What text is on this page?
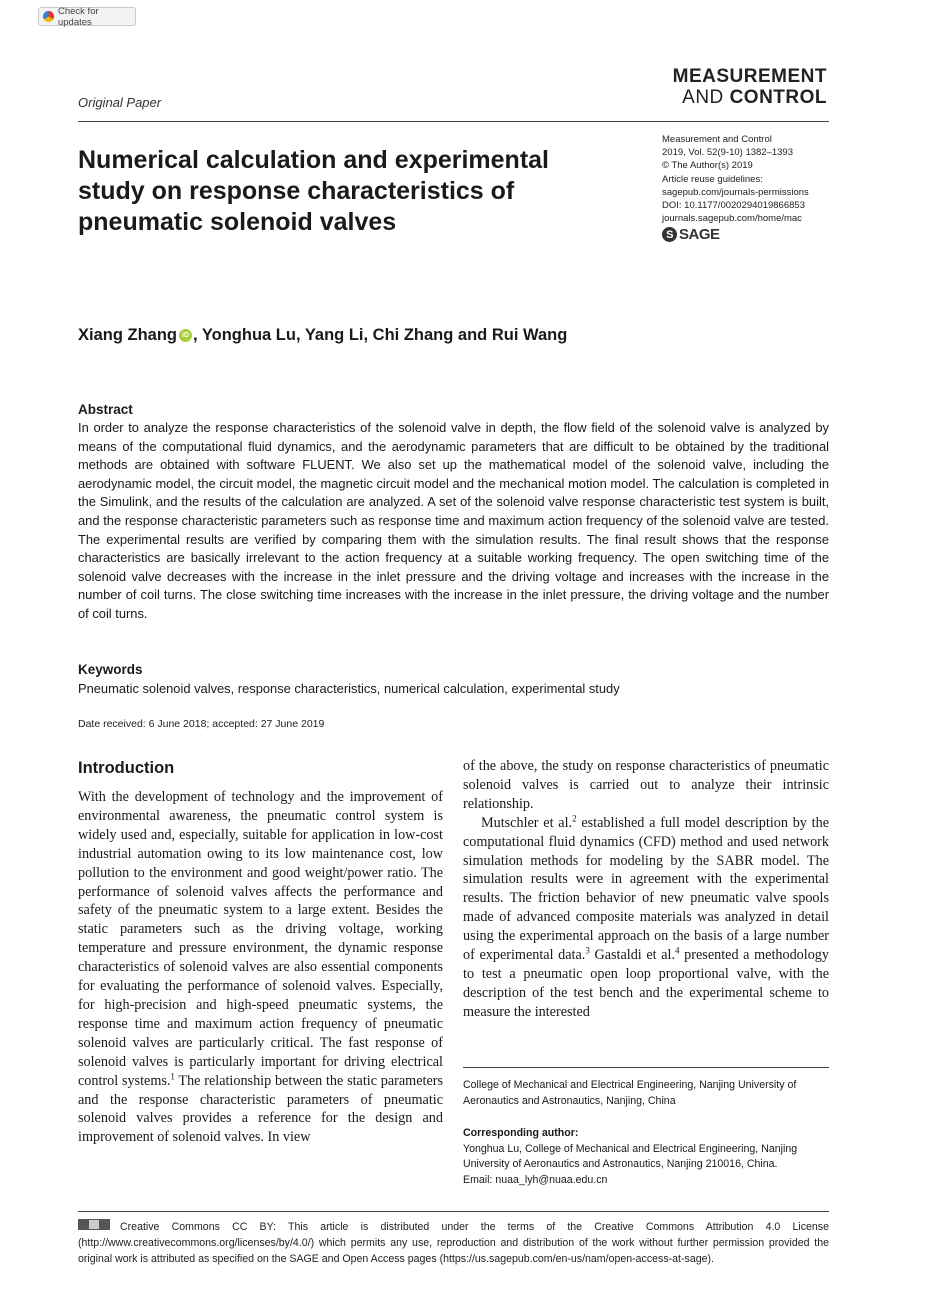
Check for updates
Original Paper
MEASUREMENT
AND CONTROL
Numerical calculation and experimental study on response characteristics of pneumatic solenoid valves
Measurement and Control
2019, Vol. 52(9-10) 1382–1393
© The Author(s) 2019
Article reuse guidelines:
sagepub.com/journals-permissions
DOI: 10.1177/0020294019866853
journals.sagepub.com/home/mac
S SAGE
Xiang Zhang iD , Yonghua Lu, Yang Li, Chi Zhang and Rui Wang
Abstract
In order to analyze the response characteristics of the solenoid valve in depth, the flow field of the solenoid valve is analyzed by means of the computational fluid dynamics, and the aerodynamic parameters that are difficult to be obtained by the traditional methods are obtained with software FLUENT. We also set up the mathematical model of the solenoid valve, including the aerodynamic model, the circuit model, the magnetic circuit model and the mechanical motion model. The calculation is completed in the Simulink, and the results of the calculation are analyzed. A set of the solenoid valve response characteristic test system is built, and the response characteristic parameters such as response time and maximum action frequency of the solenoid valve are tested. The experimental results are verified by comparing them with the simulation results. The final result shows that the response characteristics are basically irrelevant to the action frequency at a suitable working frequency. The open switching time of the solenoid valve decreases with the increase in the inlet pressure and the driving voltage and increases with the increase in the number of coil turns. The close switching time increases with the increase in the inlet pressure, the driving voltage and the number of coil turns.
Keywords
Pneumatic solenoid valves, response characteristics, numerical calculation, experimental study
Date received: 6 June 2018; accepted: 27 June 2019
Introduction

With the development of technology and the improvement of environmental awareness, the pneumatic control system is widely used and, especially, suitable for application in low-cost industrial automation owing to its low maintenance cost, low pollution to the environment and good weight/power ratio. The performance of solenoid valves affects the performance and safety of the pneumatic system to a large extent. Besides the static parameters such as the driving voltage, working temperature and pressure environment, the dynamic response characteristics of solenoid valves are also essential components for evaluating the performance of solenoid valves. Especially, for high-precision and high-speed pneumatic systems, the response time and maximum action frequency of pneumatic solenoid valves are particularly critical. The fast response of solenoid valves is particularly important for driving electrical control systems.$^1$ The relationship between the static parameters and the response characteristic parameters of pneumatic solenoid valves provides a reference for the design and improvement of solenoid valves. In view

of the above, the study on response characteristics of pneumatic solenoid valves is carried out to analyze their intrinsic relationship.

Mutschler et al.$^2$ established a full model description by the computational fluid dynamics (CFD) method and used network simulation methods for modeling by the SABR model. The simulation results were in agreement with the experimental results. The friction behavior of new pneumatic valve spools made of advanced composite materials was analyzed in detail using the experimental approach on the basis of a large number of experimental data.$^3$ Gastaldi et al.$^4$ presented a methodology to test a pneumatic open loop proportional valve, with the description of the test bench and the experimental scheme to measure the interested

College of Mechanical and Electrical Engineering, Nanjing University of Aeronautics and Astronautics, Nanjing, China
Corresponding author:
Yonghua Lu, College of Mechanical and Electrical Engineering, Nanjing University of Aeronautics and Astronautics, Nanjing 210016, China.
Email: nuaa_lyh@nuaa.edu.cn
Creative Commons CC BY: This article is distributed under the terms of the Creative Commons Attribution 4.0 License (http://www.creativecommons.org/licenses/by/4.0/) which permits any use, reproduction and distribution of the work without further permission provided the original work is attributed as specified on the SAGE and Open Access pages (https://us.sagepub.com/en-us/nam/open-access-at-sage).
